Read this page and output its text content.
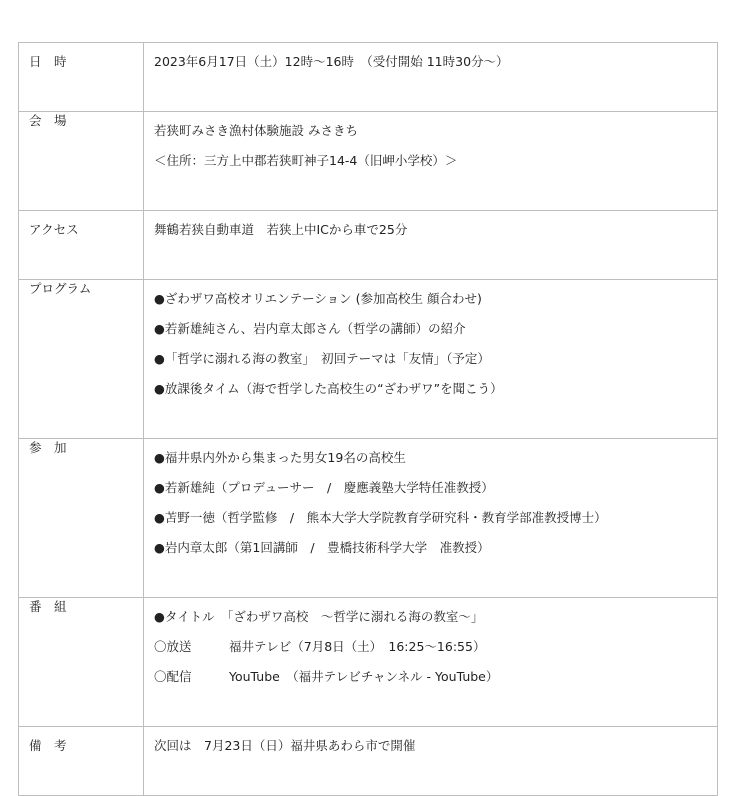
日　時	2023年6月17日（土）12時〜16時　（受付開始 11時30分〜）

会　場	若狭町みさき漁村体験施設 みさきち
＜住所：三方上中郡若狭町神子14-4（旧岬小学校）＞

アクセス	舞鶴若狭自動車道　若狭上中ICから車で25分

プログラム	●ざわザワ高校オリエンテーション (参加高校生 顔合わせ)
●若新雄純さん、岩内章太郎さん（哲学の講師）の紹介
●「哲学に溺れる海の教室」　初回テーマは「友情」（予定）
●放課後タイム（海で哲学した高校生の“ざわザワ”を聞こう）

参　加	●福井県内外から集まった男女19名の高校生
●若新雄純（プロデューサー　/　慶應義塾大学特任准教授）
●苫野一徳（哲学監修　/　熊本大学大学院教育学研究科・教育学部准教授博士）
●岩内章太郎（第1回講師　/　豊橋技術科学大学　准教授）

番　組	●タイトル　「ざわザワ高校　〜哲学に溺れる海の教室〜」
〇放送　　　福井テレビ（7月8日（土）　16:25〜16:55）
〇配信　　　YouTube　（福井テレビチャンネル - YouTube）

備　考	次回は　7月23日（日）福井県あわら市で開催
